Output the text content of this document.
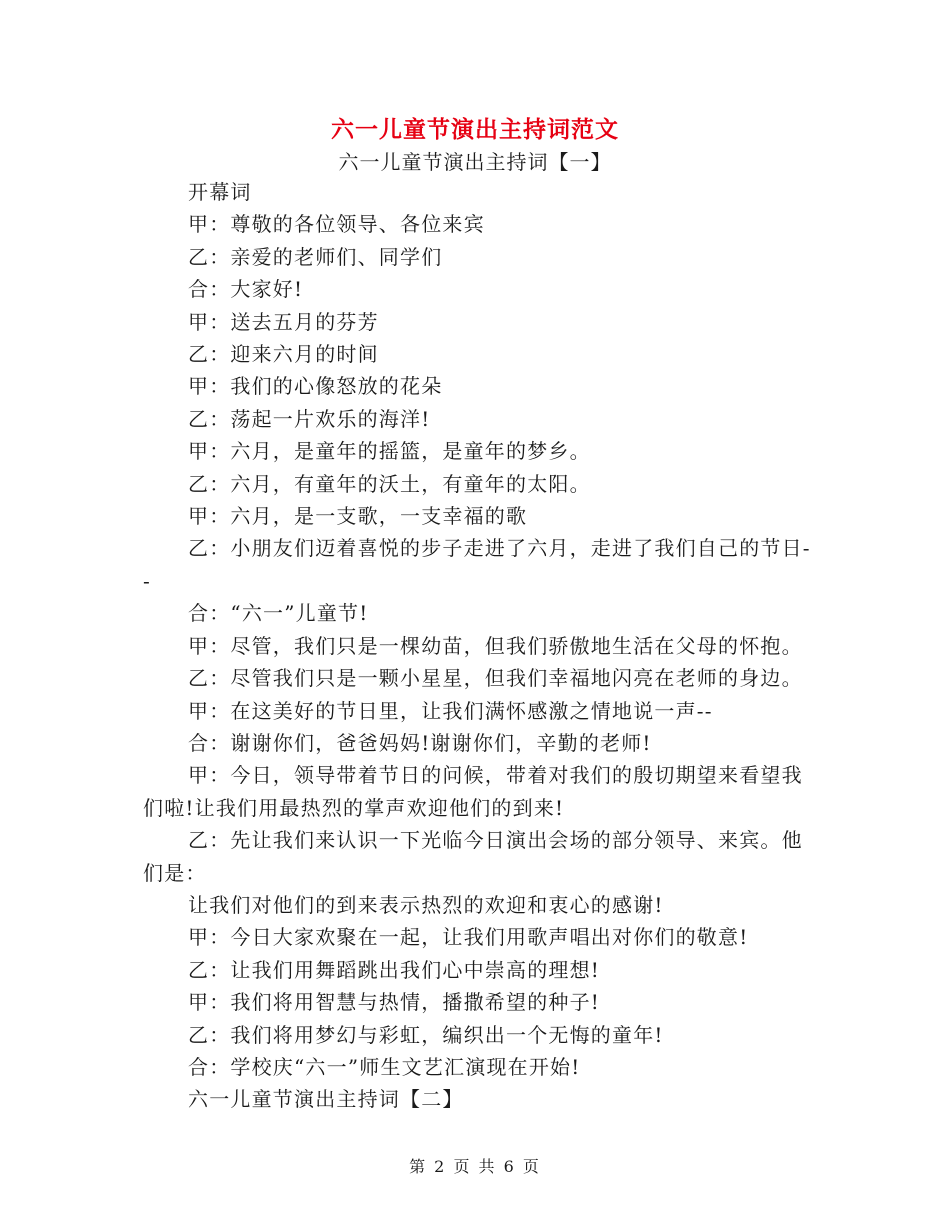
六一儿童节演出主持词范文
六一儿童节演出主持词【一】

开幕词

甲：尊敬的各位领导、各位来宾

乙：亲爱的老师们、同学们

合：大家好!

甲：送去五月的芬芳

乙：迎来六月的时间

甲：我们的心像怒放的花朵

乙：荡起一片欢乐的海洋!

甲：六月，是童年的摇篮，是童年的梦乡。

乙：六月，有童年的沃土，有童年的太阳。

甲：六月，是一支歌，一支幸福的歌

乙：小朋友们迈着喜悦的步子走进了六月，走进了我们自己的节日--

合：“六一”儿童节!

甲：尽管，我们只是一棵幼苗，但我们骄傲地生活在父母的怀抱。

乙：尽管我们只是一颗小星星，但我们幸福地闪亮在老师的身边。

甲：在这美好的节日里，让我们满怀感激之情地说一声--

合：谢谢你们，爸爸妈妈!谢谢你们，辛勤的老师!

甲：今日，领导带着节日的问候，带着对我们的殷切期望来看望我们啦!让我们用最热烈的掌声欢迎他们的到来!

乙：先让我们来认识一下光临今日演出会场的部分领导、来宾。他们是：

让我们对他们的到来表示热烈的欢迎和衷心的感谢!

甲：今日大家欢聚在一起，让我们用歌声唱出对你们的敬意!

乙：让我们用舞蹈跳出我们心中崇高的理想!

甲：我们将用智慧与热情，播撒希望的种子!

乙：我们将用梦幻与彩虹，编织出一个无悔的童年!

合：学校庆“六一”师生文艺汇演现在开始!

六一儿童节演出主持词【二】

第 2 页 共 6 页
